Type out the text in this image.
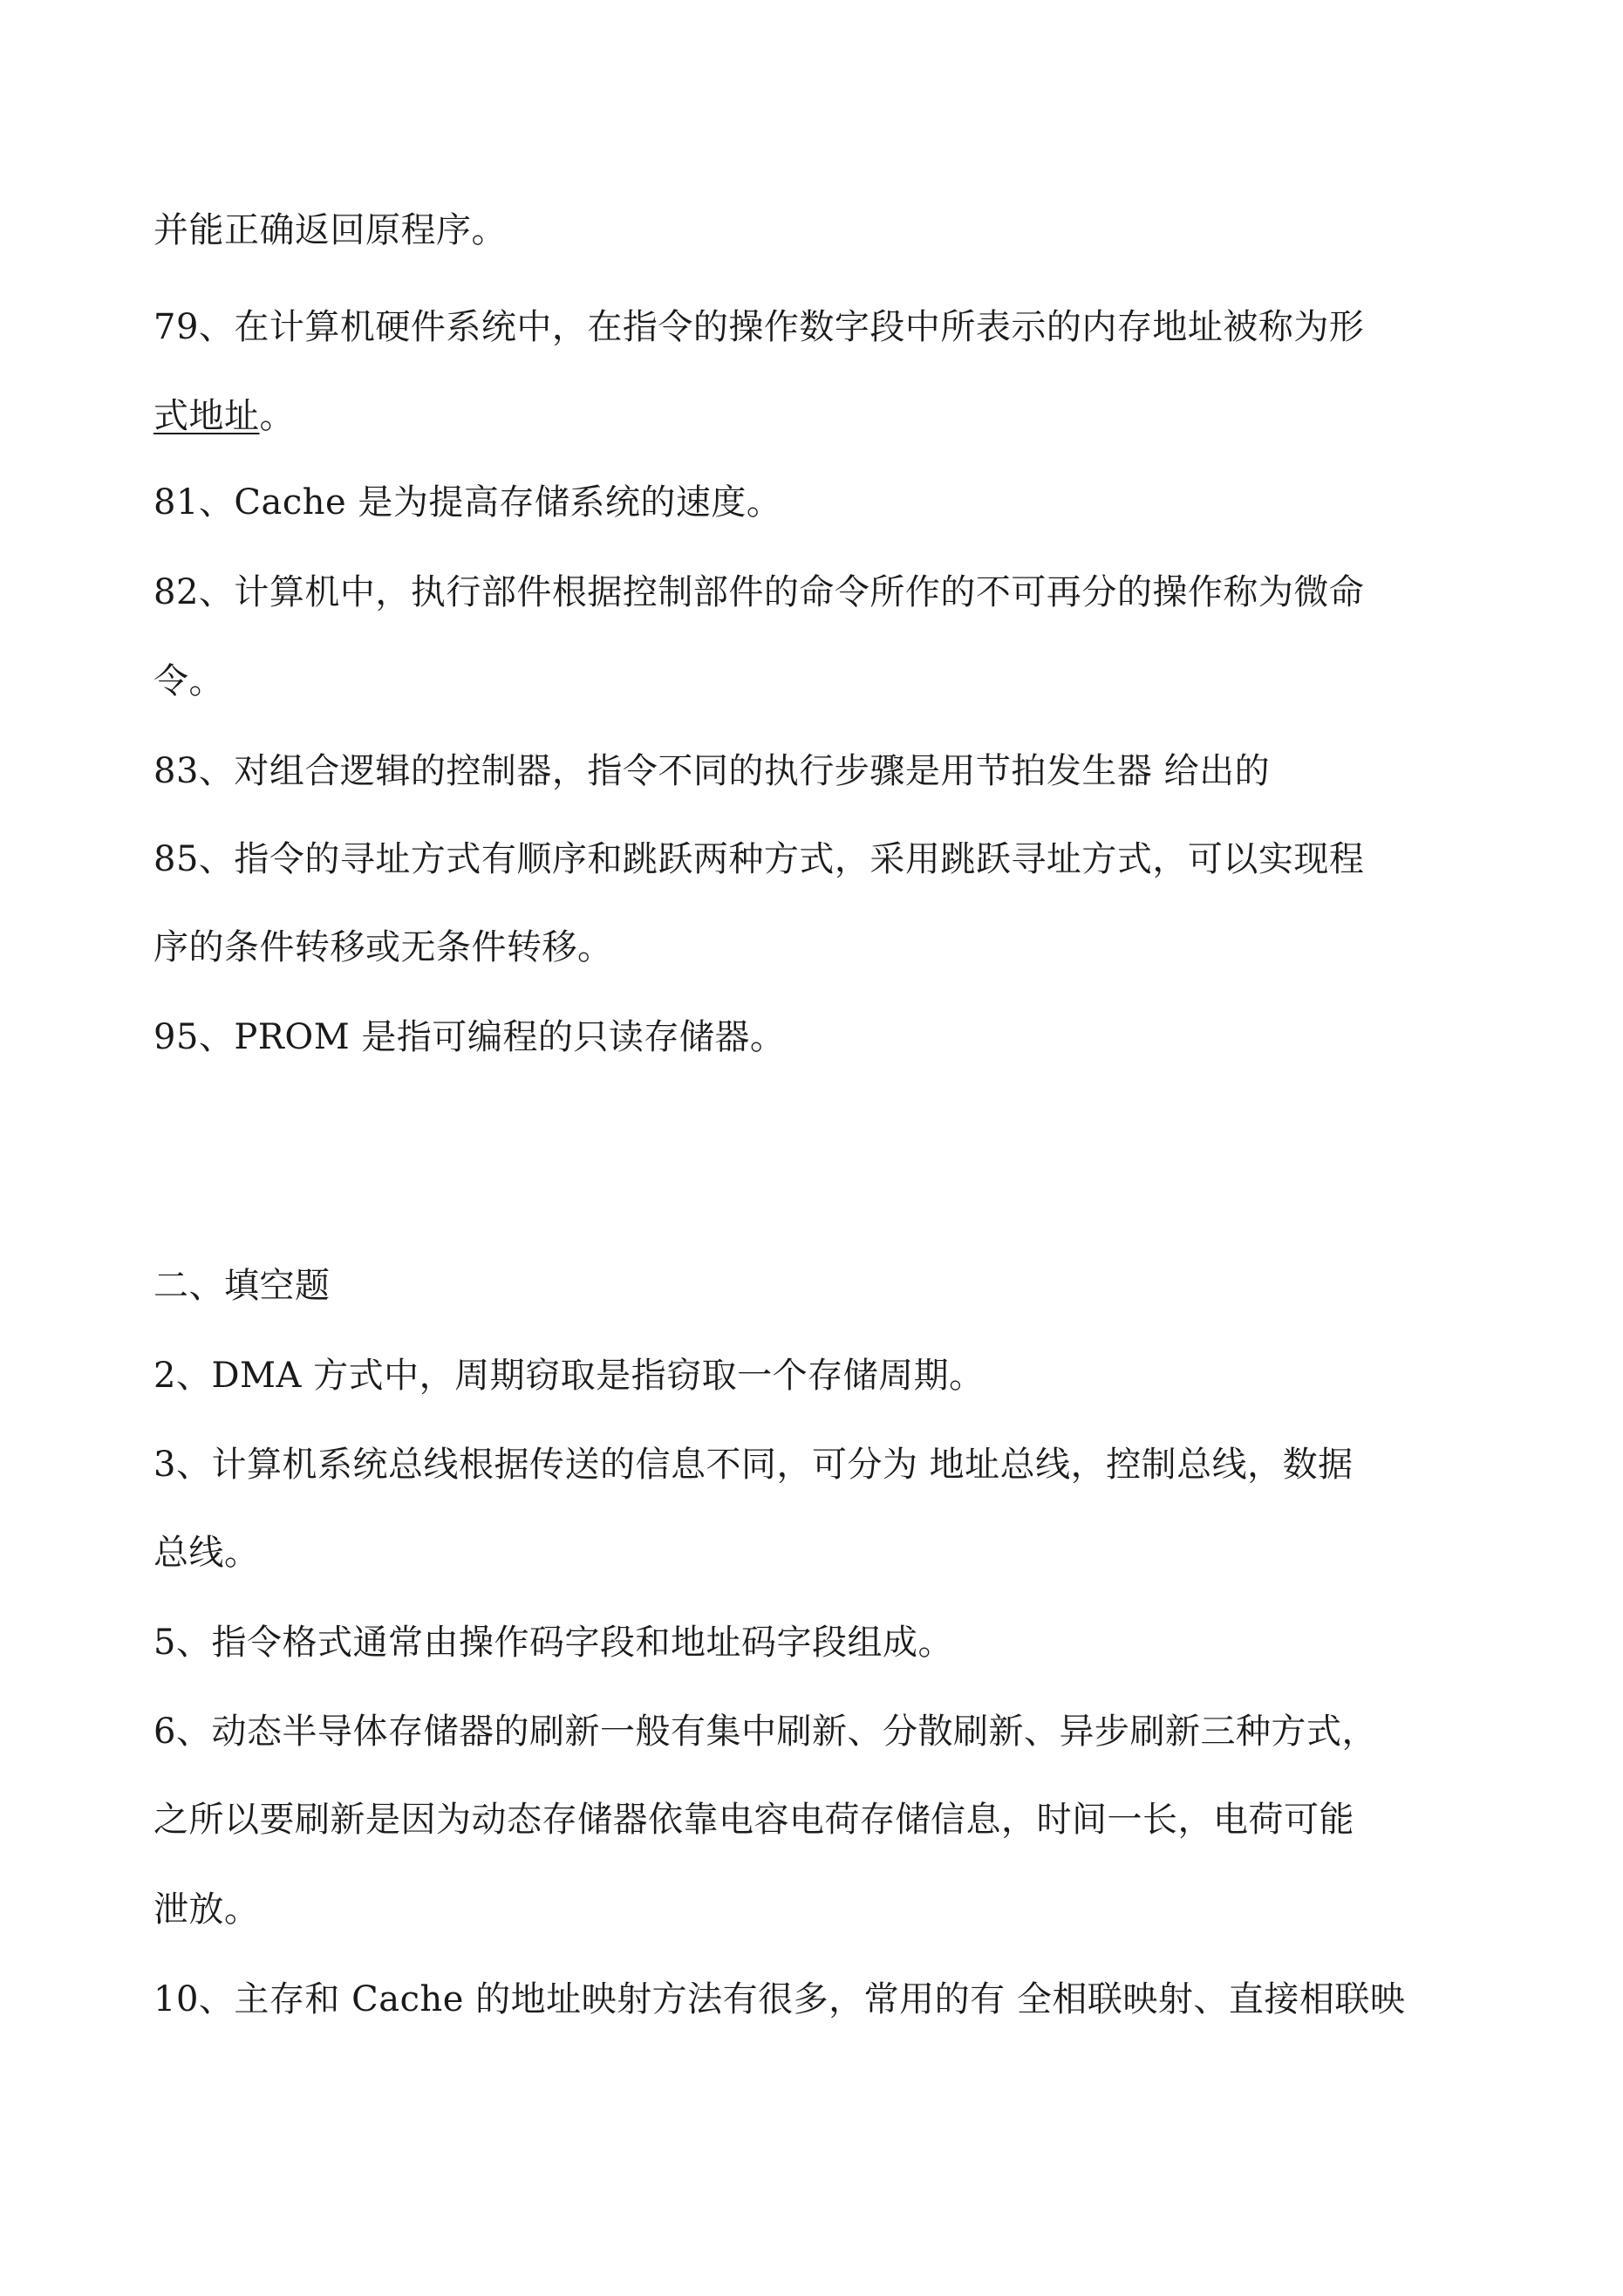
并能正确返回原程序。
79、在计算机硬件系统中，在指令的操作数字段中所表示的内存地址被称为形
式地址。
81、Cache 是为提高存储系统的速度。
82、计算机中，执行部件根据控制部件的命令所作的不可再分的操作称为微命
令。
83、对组合逻辑的控制器，指令不同的执行步骤是用节拍发生器 给出的
85、指令的寻址方式有顺序和跳跃两种方式，采用跳跃寻址方式，可以实现程
序的条件转移或无条件转移。
95、PROM 是指可编程的只读存储器。
二、填空题
2、DMA 方式中，周期窃取是指窃取一个存储周期。
3、计算机系统总线根据传送的信息不同，可分为 地址总线，控制总线，数据
总线。
5、指令格式通常由操作码字段和地址码字段组成。
6、动态半导体存储器的刷新一般有集中刷新、分散刷新、异步刷新三种方式，
之所以要刷新是因为动态存储器依靠电容电荷存储信息，时间一长，电荷可能
泄放。
10、主存和 Cache 的地址映射方法有很多，常用的有 全相联映射、直接相联映
